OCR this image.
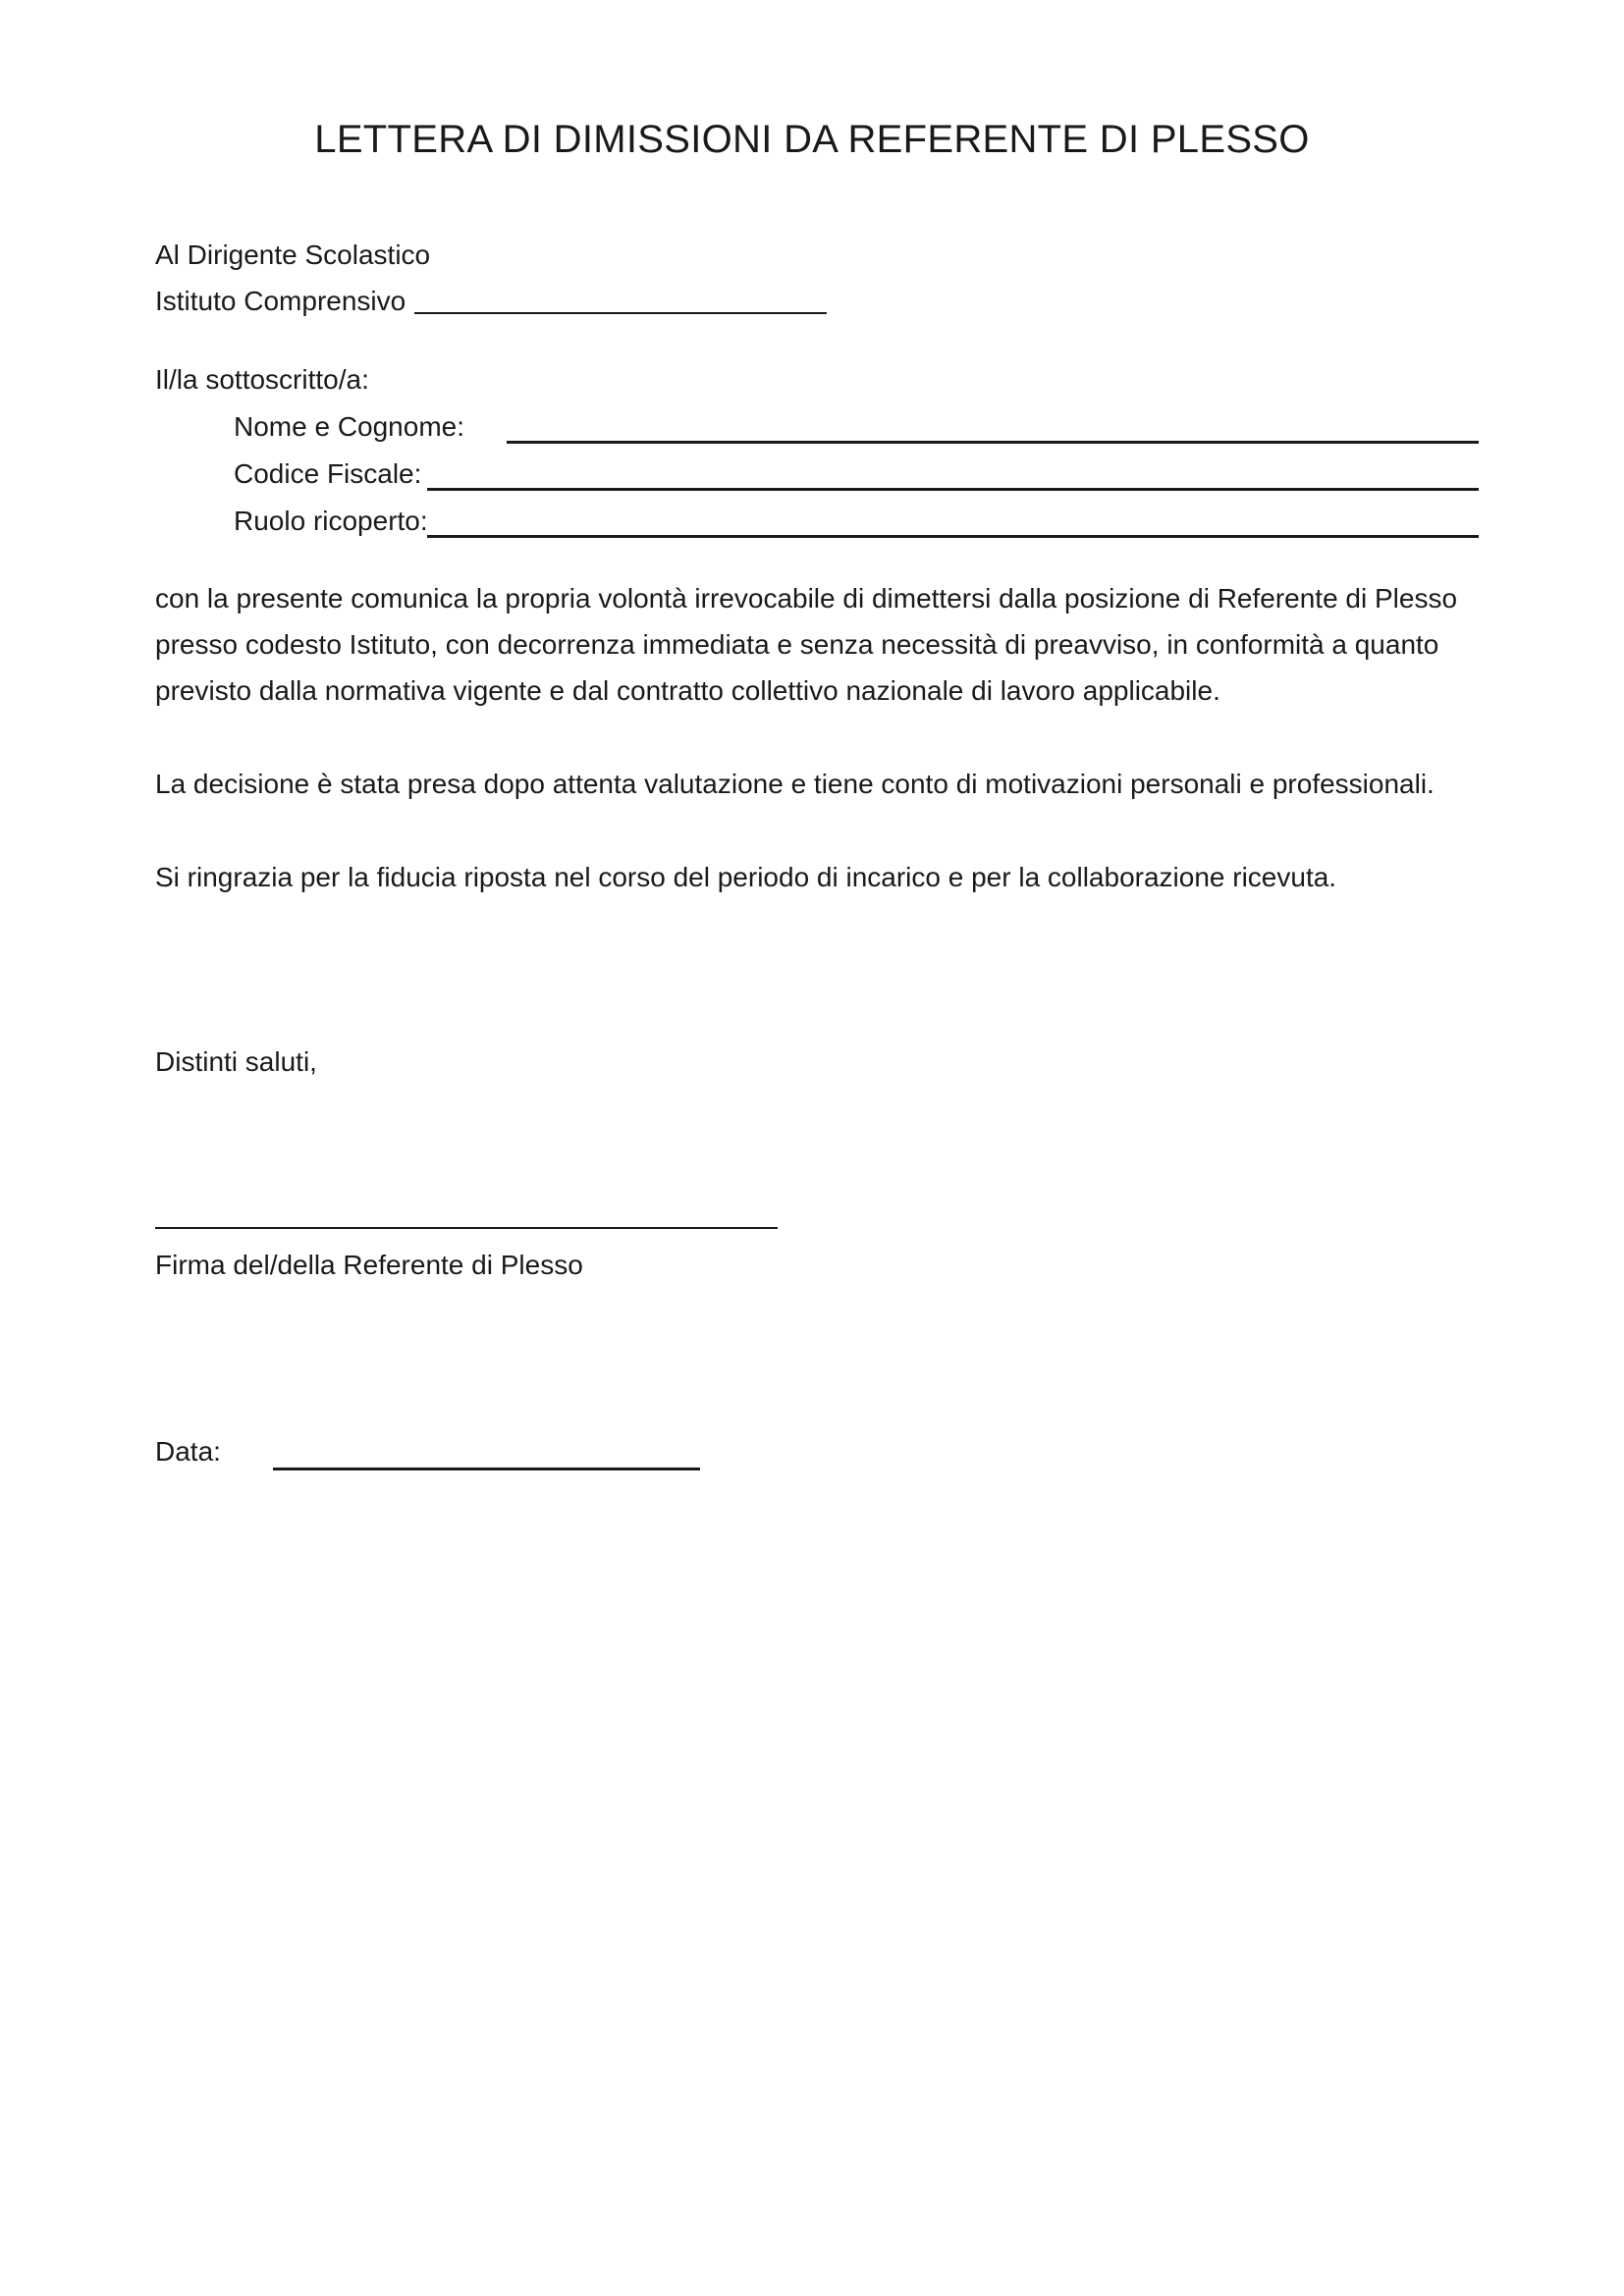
LETTERA DI DIMISSIONI DA REFERENTE DI PLESSO
Al Dirigente Scolastico
Istituto Comprensivo
Il/la sottoscritto/a:
Nome e Cognome:
Codice Fiscale:
Ruolo ricoperto:
con la presente comunica la propria volontà irrevocabile di dimettersi dalla posizione di Referente di Plesso
presso codesto Istituto, con decorrenza immediata e senza necessità di preavviso, in conformità a quanto
previsto dalla normativa vigente e dal contratto collettivo nazionale di lavoro applicabile.
La decisione è stata presa dopo attenta valutazione e tiene conto di motivazioni personali e professionali.
Si ringrazia per la fiducia riposta nel corso del periodo di incarico e per la collaborazione ricevuta.
Distinti saluti,
Firma del/della Referente di Plesso
Data:
